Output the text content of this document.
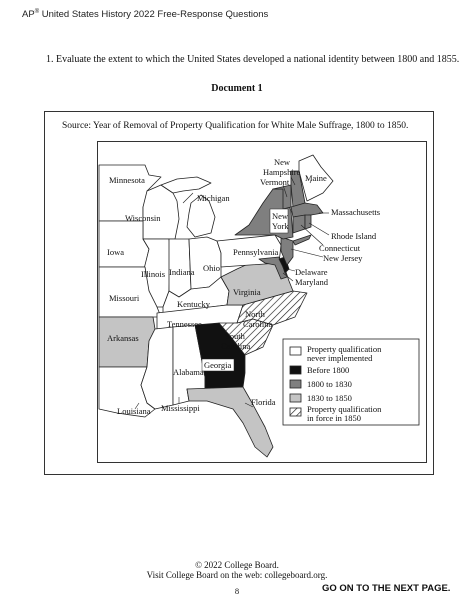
AP® United States History 2022 Free-Response Questions
1. Evaluate the extent to which the United States developed a national identity between 1800 and 1855.
Document 1
Source: Year of Removal of Property Qualification for White Male Suffrage, 1800 to 1850.
Minnesota
Wisconsin
Michigan
Iowa
Illinois Indiana Ohio
Missouri
Kentucky
Tennessee
Arkansas
Louisiana Mississippi
Alabama
Georgia
Florida
South
Carolina
North
Carolina
Virginia
Pennsylvania
New
York
Vermont
New
Hampshire
Maine
Massachusetts
Rhode Island
Connecticut
New Jersey
Delaware
Maryland
Property qualification
never implemented
Before 1800
1800 to 1830
1830 to 1850
Property qualification
in force in 1850
© 2022 College Board.
Visit College Board on the web: collegeboard.org.
8	GO ON TO THE NEXT PAGE.
